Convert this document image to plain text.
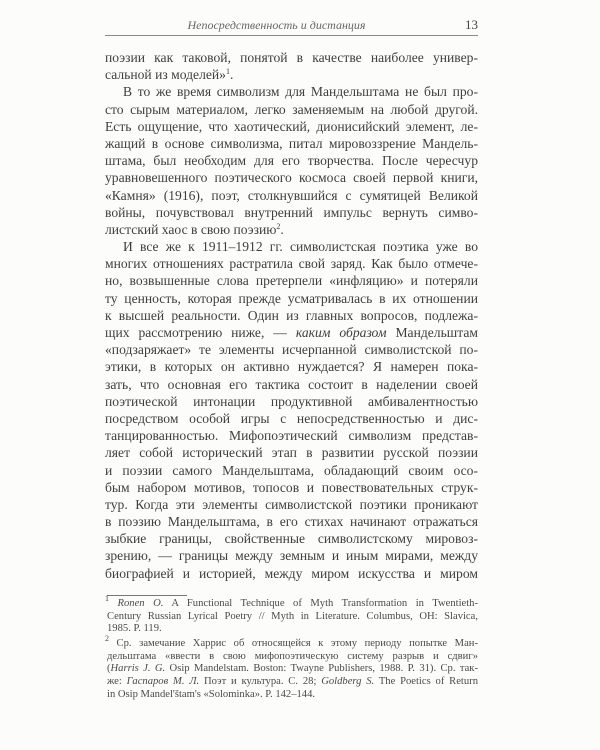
Непосредственность и дистанция	13
поэзии как таковой, понятой в качестве наиболее универ-
сальной из моделей»$^1$.
В то же время символизм для Мандельштама не был про-
сто сырым материалом, легко заменяемым на любой другой.
Есть ощущение, что хаотический, дионисийский элемент, ле-
жащий в основе символизма, питал мировоззрение Мандель-
штама, был необходим для его творчества. После чересчур
уравновешенного поэтического космоса своей первой книги,
«Камня» (1916), поэт, столкнувшийся с сумятицей Великой
войны, почувствовал внутренний импульс вернуть симво-
листский хаос в свою поэзию$^2$.
И все же к 1911–1912 гг. символистская поэтика уже во
многих отношениях растратила свой заряд. Как было отмече-
но, возвышенные слова претерпели «инфляцию» и потеряли
ту ценность, которая прежде усматривалась в их отношении
к высшей реальности. Один из главных вопросов, подлежа-
щих рассмотрению ниже, — каким образом Мандельштам
«подзаряжает» те элементы исчерпанной символистской по-
этики, в которых он активно нуждается? Я намерен пока-
зать, что основная его тактика состоит в наделении своей
поэтической интонации продуктивной амбивалентностью
посредством особой игры с непосредственностью и дис-
танцированностью. Мифопоэтический символизм представ-
ляет собой исторический этап в развитии русской поэзии
и поэзии самого Мандельштама, обладающий своим осо-
бым набором мотивов, топосов и повествовательных струк-
тур. Когда эти элементы символистской поэтики проникают
в поэзию Мандельштама, в его стихах начинают отражаться
зыбкие границы, свойственные символистскому мировоз-
зрению, — границы между земным и иным мирами, между
биографией и историей, между миром искусства и миром
$^1$ Ronen O. A Functional Technique of Myth Transformation in Twentieth-
Century Russian Lyrical Poetry // Myth in Literature. Columbus, OH: Slavica,
1985. P. 119.
$^2$ Ср. замечание Харрис об относящейся к этому периоду попытке Ман-
дельштама «ввести в свою мифопоэтическую систему разрыв и сдвиг»
(Harris J. G. Osip Mandelstam. Boston: Twayne Publishers, 1988. P. 31). Ср. так-
же: Гаспаров М. Л. Поэт и культура. С. 28; Goldberg S. The Poetics of Return
in Osip Mandel'štam's «Solominka». P. 142–144.
